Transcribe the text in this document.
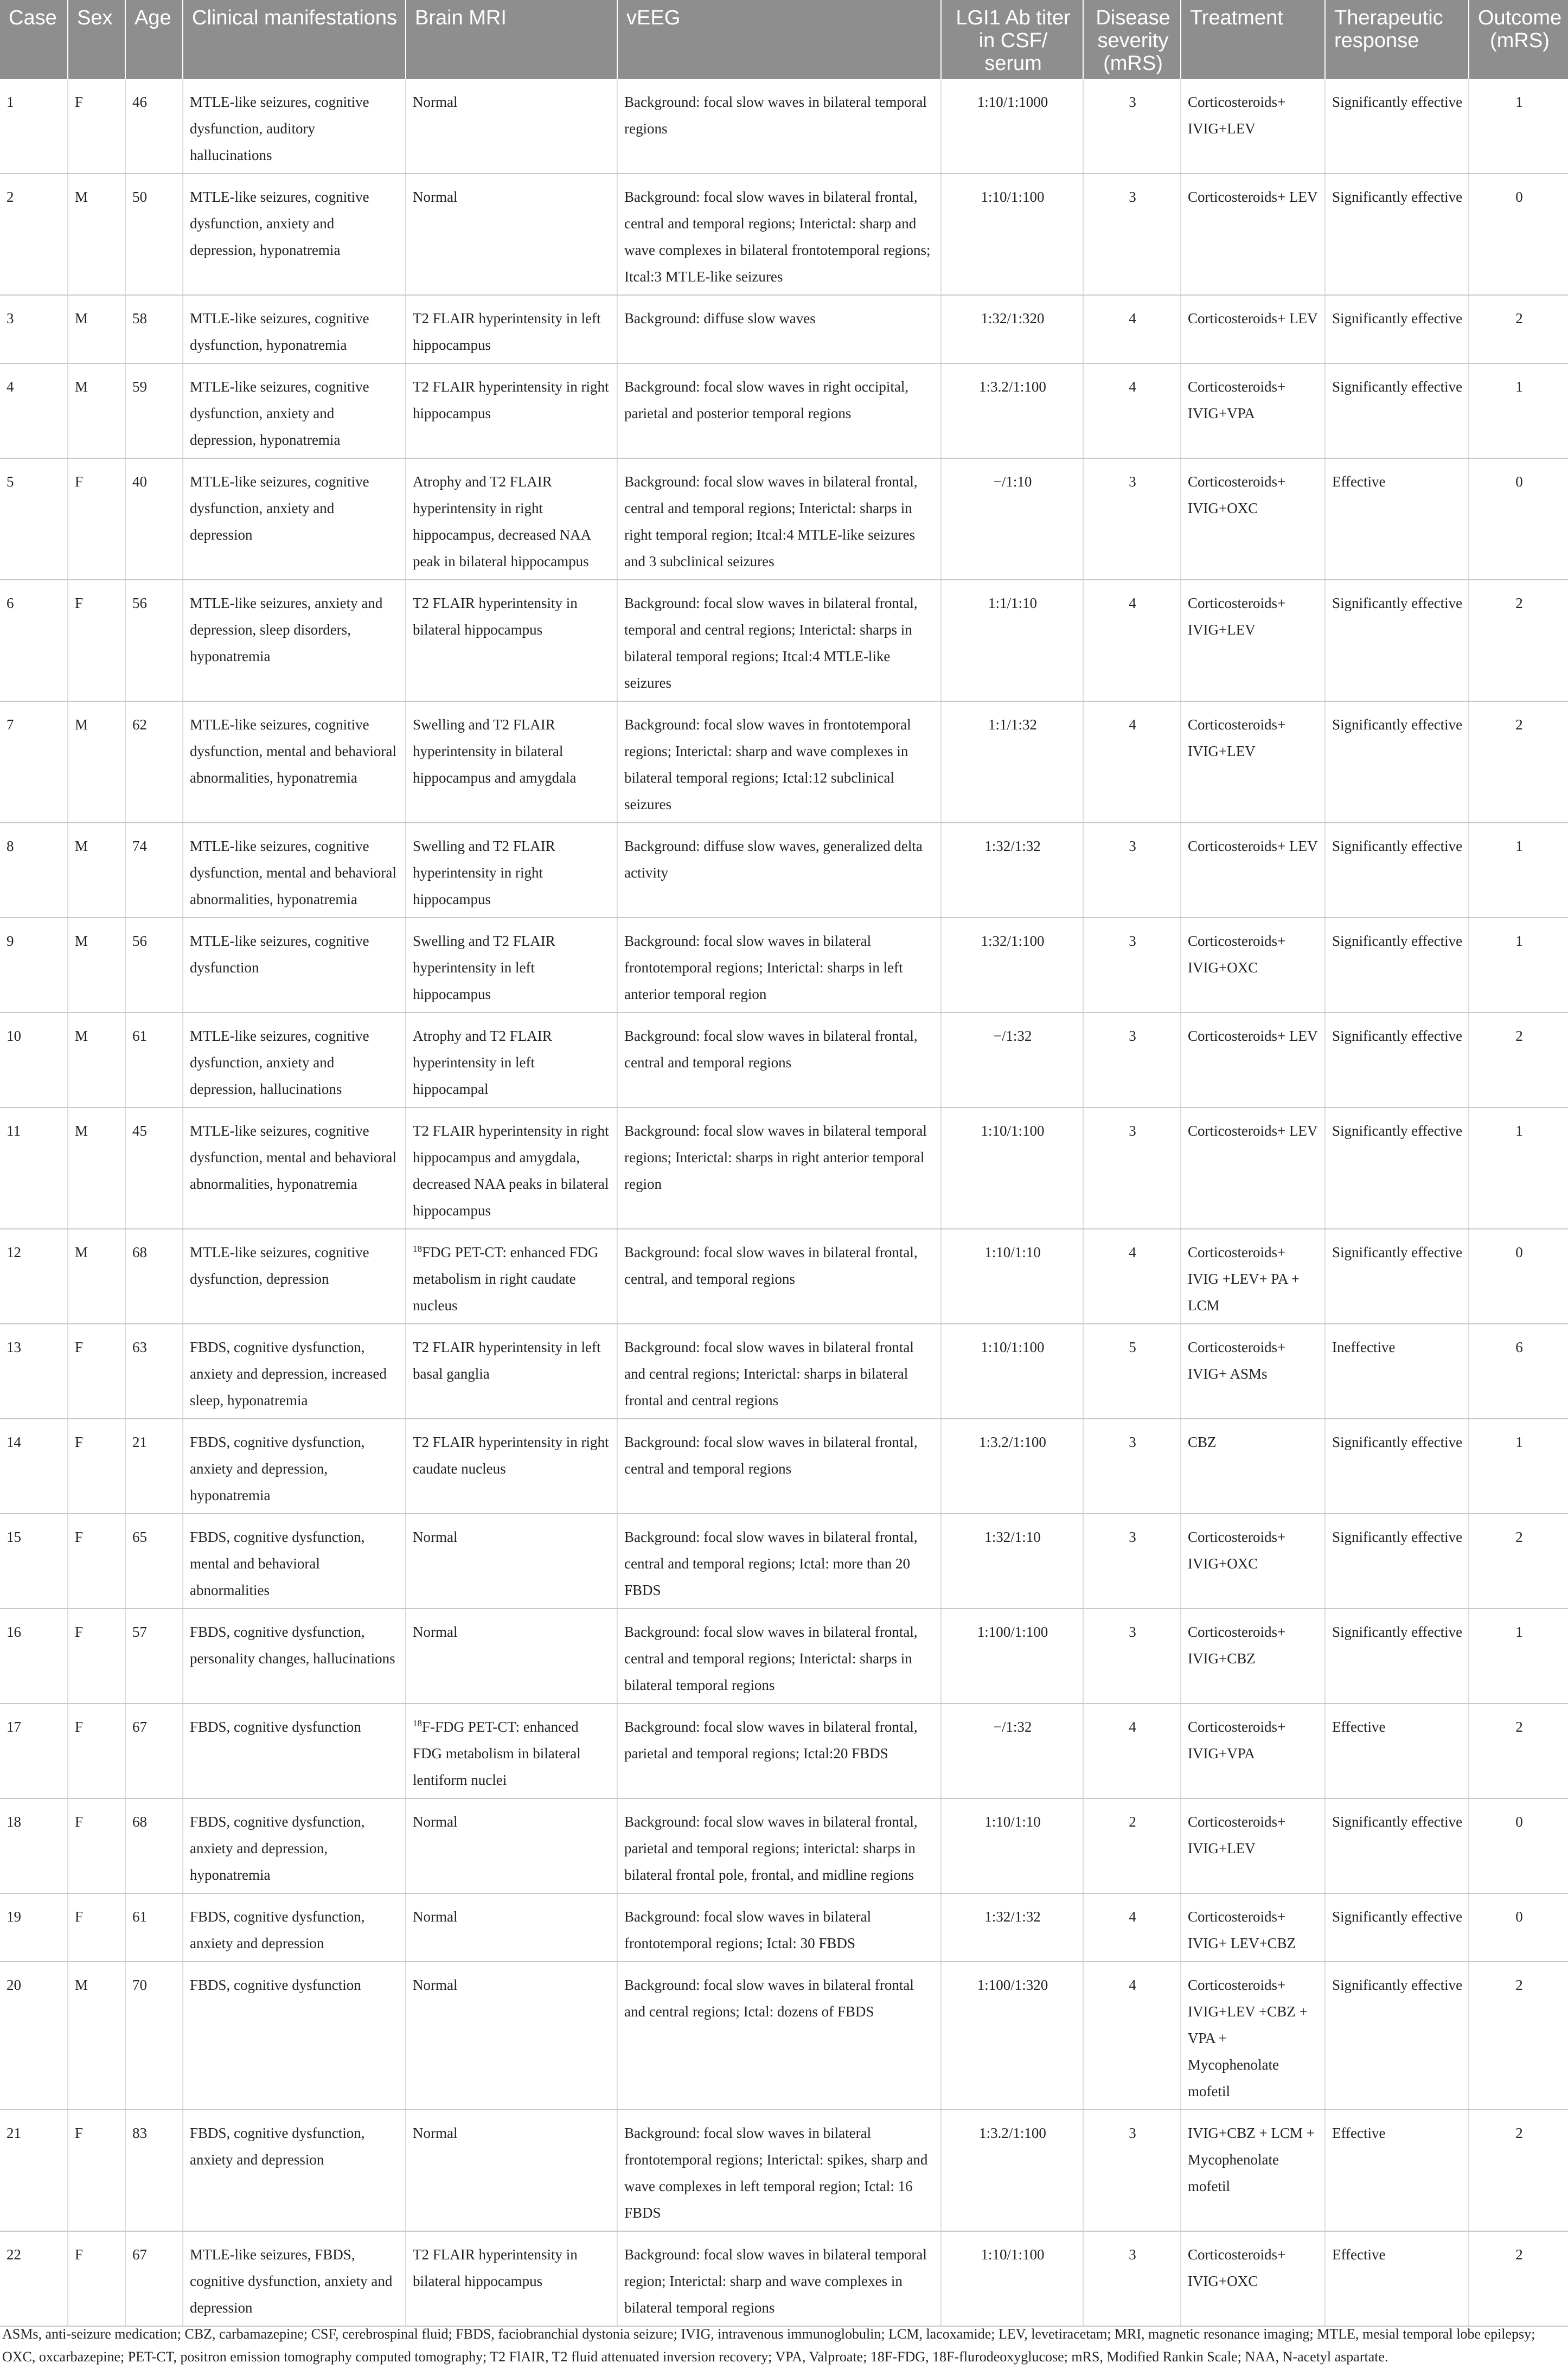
Case	Sex	Age	Clinical manifestations	Brain MRI	vEEG	LGI1 Ab titer in CSF/ serum	Disease severity (mRS)	Treatment	Therapeutic response	Outcome (mRS)
1	F	46	MTLE-like seizures, cognitive dysfunction, auditory hallucinations	Normal	Background: focal slow waves in bilateral temporal regions	1:10/1:1000	3	Corticosteroids+ IVIG+LEV	Significantly effective	1
2	M	50	MTLE-like seizures, cognitive dysfunction, anxiety and depression, hyponatremia	Normal	Background: focal slow waves in bilateral frontal, central and temporal regions; Interictal: sharp and wave complexes in bilateral frontotemporal regions; Itcal:3 MTLE-like seizures	1:10/1:100	3	Corticosteroids+ LEV	Significantly effective	0
3	M	58	MTLE-like seizures, cognitive dysfunction, hyponatremia	T2 FLAIR hyperintensity in left hippocampus	Background: diffuse slow waves	1:32/1:320	4	Corticosteroids+ LEV	Significantly effective	2
4	M	59	MTLE-like seizures, cognitive dysfunction, anxiety and depression, hyponatremia	T2 FLAIR hyperintensity in right hippocampus	Background: focal slow waves in right occipital, parietal and posterior temporal regions	1:3.2/1:100	4	Corticosteroids+ IVIG+VPA	Significantly effective	1
5	F	40	MTLE-like seizures, cognitive dysfunction, anxiety and depression	Atrophy and T2 FLAIR hyperintensity in right hippocampus, decreased NAA peak in bilateral hippocampus	Background: focal slow waves in bilateral frontal, central and temporal regions; Interictal: sharps in right temporal region; Itcal:4 MTLE-like seizures and 3 subclinical seizures	−/1:10	3	Corticosteroids+ IVIG+OXC	Effective	0
6	F	56	MTLE-like seizures, anxiety and depression, sleep disorders, hyponatremia	T2 FLAIR hyperintensity in bilateral hippocampus	Background: focal slow waves in bilateral frontal, temporal and central regions; Interictal: sharps in bilateral temporal regions; Itcal:4 MTLE-like seizures	1:1/1:10	4	Corticosteroids+ IVIG+LEV	Significantly effective	2
7	M	62	MTLE-like seizures, cognitive dysfunction, mental and behavioral abnormalities, hyponatremia	Swelling and T2 FLAIR hyperintensity in bilateral hippocampus and amygdala	Background: focal slow waves in frontotemporal regions; Interictal: sharp and wave complexes in bilateral temporal regions; Ictal:12 subclinical seizures	1:1/1:32	4	Corticosteroids+ IVIG+LEV	Significantly effective	2
8	M	74	MTLE-like seizures, cognitive dysfunction, mental and behavioral abnormalities, hyponatremia	Swelling and T2 FLAIR hyperintensity in right hippocampus	Background: diffuse slow waves, generalized delta activity	1:32/1:32	3	Corticosteroids+ LEV	Significantly effective	1
9	M	56	MTLE-like seizures, cognitive dysfunction	Swelling and T2 FLAIR hyperintensity in left hippocampus	Background: focal slow waves in bilateral frontotemporal regions; Interictal: sharps in left anterior temporal region	1:32/1:100	3	Corticosteroids+ IVIG+OXC	Significantly effective	1
10	M	61	MTLE-like seizures, cognitive dysfunction, anxiety and depression, hallucinations	Atrophy and T2 FLAIR hyperintensity in left hippocampal	Background: focal slow waves in bilateral frontal, central and temporal regions	−/1:32	3	Corticosteroids+ LEV	Significantly effective	2
11	M	45	MTLE-like seizures, cognitive dysfunction, mental and behavioral abnormalities, hyponatremia	T2 FLAIR hyperintensity in right hippocampus and amygdala, decreased NAA peaks in bilateral hippocampus	Background: focal slow waves in bilateral temporal regions; Interictal: sharps in right anterior temporal region	1:10/1:100	3	Corticosteroids+ LEV	Significantly effective	1
12	M	68	MTLE-like seizures, cognitive dysfunction, depression	$^{18}$FDG PET-CT: enhanced FDG metabolism in right caudate nucleus	Background: focal slow waves in bilateral frontal, central, and temporal regions	1:10/1:10	4	Corticosteroids+ IVIG +LEV+ PA + LCM	Significantly effective	0
13	F	63	FBDS, cognitive dysfunction, anxiety and depression, increased sleep, hyponatremia	T2 FLAIR hyperintensity in left basal ganglia	Background: focal slow waves in bilateral frontal and central regions; Interictal: sharps in bilateral frontal and central regions	1:10/1:100	5	Corticosteroids+ IVIG+ ASMs	Ineffective	6
14	F	21	FBDS, cognitive dysfunction, anxiety and depression, hyponatremia	T2 FLAIR hyperintensity in right caudate nucleus	Background: focal slow waves in bilateral frontal, central and temporal regions	1:3.2/1:100	3	CBZ	Significantly effective	1
15	F	65	FBDS, cognitive dysfunction, mental and behavioral abnormalities	Normal	Background: focal slow waves in bilateral frontal, central and temporal regions; Ictal: more than 20 FBDS	1:32/1:10	3	Corticosteroids+ IVIG+OXC	Significantly effective	2
16	F	57	FBDS, cognitive dysfunction, personality changes, hallucinations	Normal	Background: focal slow waves in bilateral frontal, central and temporal regions; Interictal: sharps in bilateral temporal regions	1:100/1:100	3	Corticosteroids+ IVIG+CBZ	Significantly effective	1
17	F	67	FBDS, cognitive dysfunction	$^{18}$F-FDG PET-CT: enhanced FDG metabolism in bilateral lentiform nuclei	Background: focal slow waves in bilateral frontal, parietal and temporal regions; Ictal:20 FBDS	−/1:32	4	Corticosteroids+ IVIG+VPA	Effective	2
18	F	68	FBDS, cognitive dysfunction, anxiety and depression, hyponatremia	Normal	Background: focal slow waves in bilateral frontal, parietal and temporal regions; interictal: sharps in bilateral frontal pole, frontal, and midline regions	1:10/1:10	2	Corticosteroids+ IVIG+LEV	Significantly effective	0
19	F	61	FBDS, cognitive dysfunction, anxiety and depression	Normal	Background: focal slow waves in bilateral frontotemporal regions; Ictal: 30 FBDS	1:32/1:32	4	Corticosteroids+ IVIG+ LEV+CBZ	Significantly effective	0
20	M	70	FBDS, cognitive dysfunction	Normal	Background: focal slow waves in bilateral frontal and central regions; Ictal: dozens of FBDS	1:100/1:320	4	Corticosteroids+ IVIG+LEV +CBZ + VPA + Mycophenolate mofetil	Significantly effective	2
21	F	83	FBDS, cognitive dysfunction, anxiety and depression	Normal	Background: focal slow waves in bilateral frontotemporal regions; Interictal: spikes, sharp and wave complexes in left temporal region; Ictal: 16 FBDS	1:3.2/1:100	3	IVIG+CBZ + LCM + Mycophenolate mofetil	Effective	2
22	F	67	MTLE-like seizures, FBDS, cognitive dysfunction, anxiety and depression	T2 FLAIR hyperintensity in bilateral hippocampus	Background: focal slow waves in bilateral temporal region; Interictal: sharp and wave complexes in bilateral temporal regions	1:10/1:100	3	Corticosteroids+ IVIG+OXC	Effective	2
ASMs, anti-seizure medication; CBZ, carbamazepine; CSF, cerebrospinal fluid; FBDS, faciobranchial dystonia seizure; IVIG, intravenous immunoglobulin; LCM, lacoxamide; LEV, levetiracetam; MRI, magnetic resonance imaging; MTLE, mesial temporal lobe epilepsy; OXC, oxcarbazepine; PET-CT, positron emission tomography computed tomography; T2 FlAIR, T2 fluid attenuated inversion recovery; VPA, Valproate; 18F-FDG, 18F-flurodeoxyglucose; mRS, Modified Rankin Scale; NAA, N-acetyl aspartate.
